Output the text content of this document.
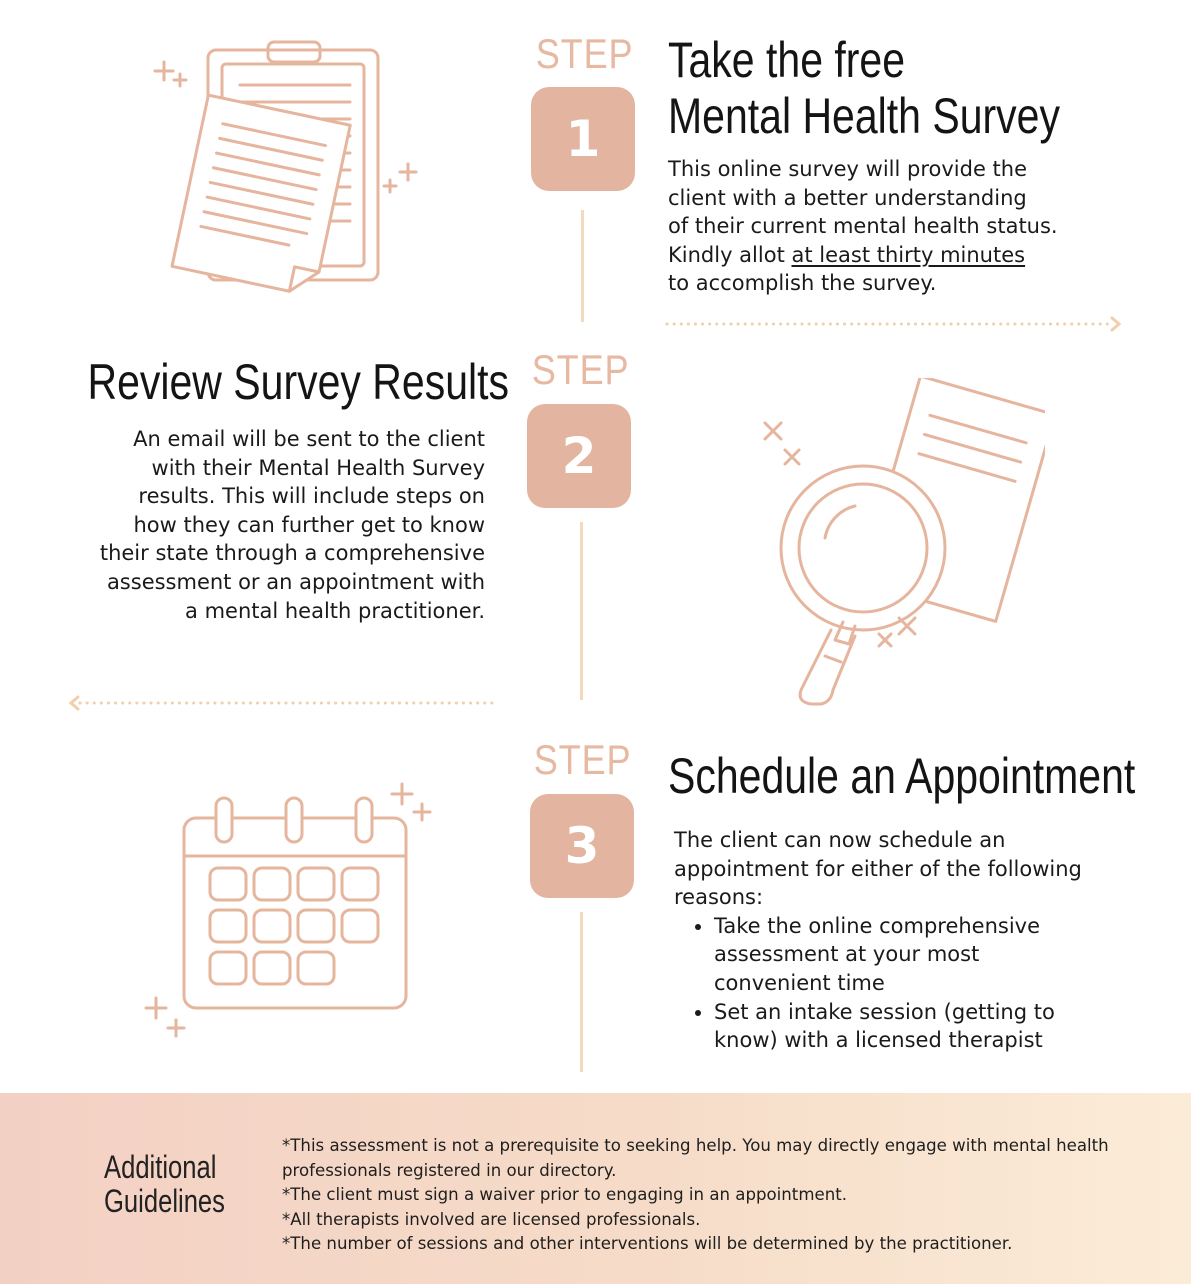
STEP
1
Take the free
Mental Health Survey
This online survey will provide the
client with a better understanding
of their current mental health status.
Kindly allot at least thirty minutes
to accomplish the survey.
Review Survey Results
An email will be sent to the client
with their Mental Health Survey
results. This will include steps on
how they can further get to know
their state through a comprehensive
assessment or an appointment with
a mental health practitioner.
STEP
2
STEP
3
Schedule an Appointment
The client can now schedule an
appointment for either of the following
reasons:
• Take the online comprehensive assessment at your most convenient time
• Set an intake session (getting to know) with a licensed therapist
Additional
Guidelines
*This assessment is not a prerequisite to seeking help. You may directly engage with mental health professionals registered in our directory.
*The client must sign a waiver prior to engaging in an appointment.
*All therapists involved are licensed professionals.
*The number of sessions and other interventions will be determined by the practitioner.
